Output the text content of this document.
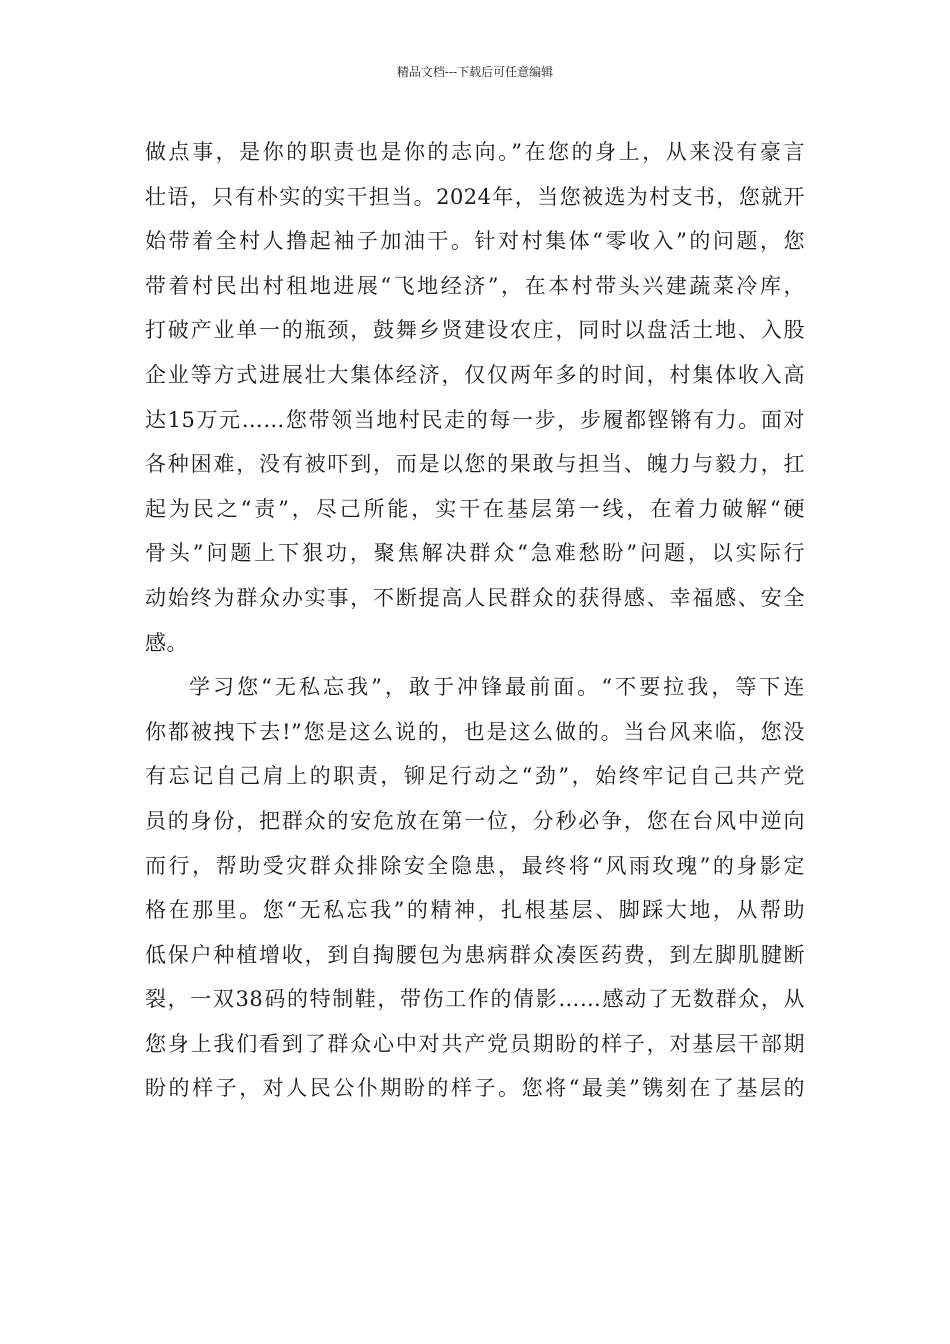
精品文档---下载后可任意编辑
做点事，是你的职责也是你的志向。”在您的身上，从来没有豪言
壮语，只有朴实的实干担当。2024年，当您被选为村支书，您就开
始带着全村人撸起袖子加油干。针对村集体“零收入”的问题，您
带着村民出村租地进展“飞地经济”，在本村带头兴建蔬菜冷库，
打破产业单一的瓶颈，鼓舞乡贤建设农庄，同时以盘活土地、入股
企业等方式进展壮大集体经济，仅仅两年多的时间，村集体收入高
达15万元……您带领当地村民走的每一步，步履都铿锵有力。面对
各种困难，没有被吓到，而是以您的果敢与担当、魄力与毅力，扛
起为民之“责”，尽己所能，实干在基层第一线，在着力破解“硬
骨头”问题上下狠功，聚焦解决群众“急难愁盼”问题，以实际行
动始终为群众办实事，不断提高人民群众的获得感、幸福感、安全
感。
学习您“无私忘我”，敢于冲锋最前面。“不要拉我，等下连
你都被拽下去!”您是这么说的，也是这么做的。当台风来临，您没
有忘记自己肩上的职责，铆足行动之“劲”，始终牢记自己共产党
员的身份，把群众的安危放在第一位，分秒必争，您在台风中逆向
而行，帮助受灾群众排除安全隐患，最终将“风雨玫瑰”的身影定
格在那里。您“无私忘我”的精神，扎根基层、脚踩大地，从帮助
低保户种植增收，到自掏腰包为患病群众凑医药费，到左脚肌腱断
裂，一双38码的特制鞋，带伤工作的倩影……感动了无数群众，从
您身上我们看到了群众心中对共产党员期盼的样子，对基层干部期
盼的样子，对人民公仆期盼的样子。您将“最美”镌刻在了基层的
